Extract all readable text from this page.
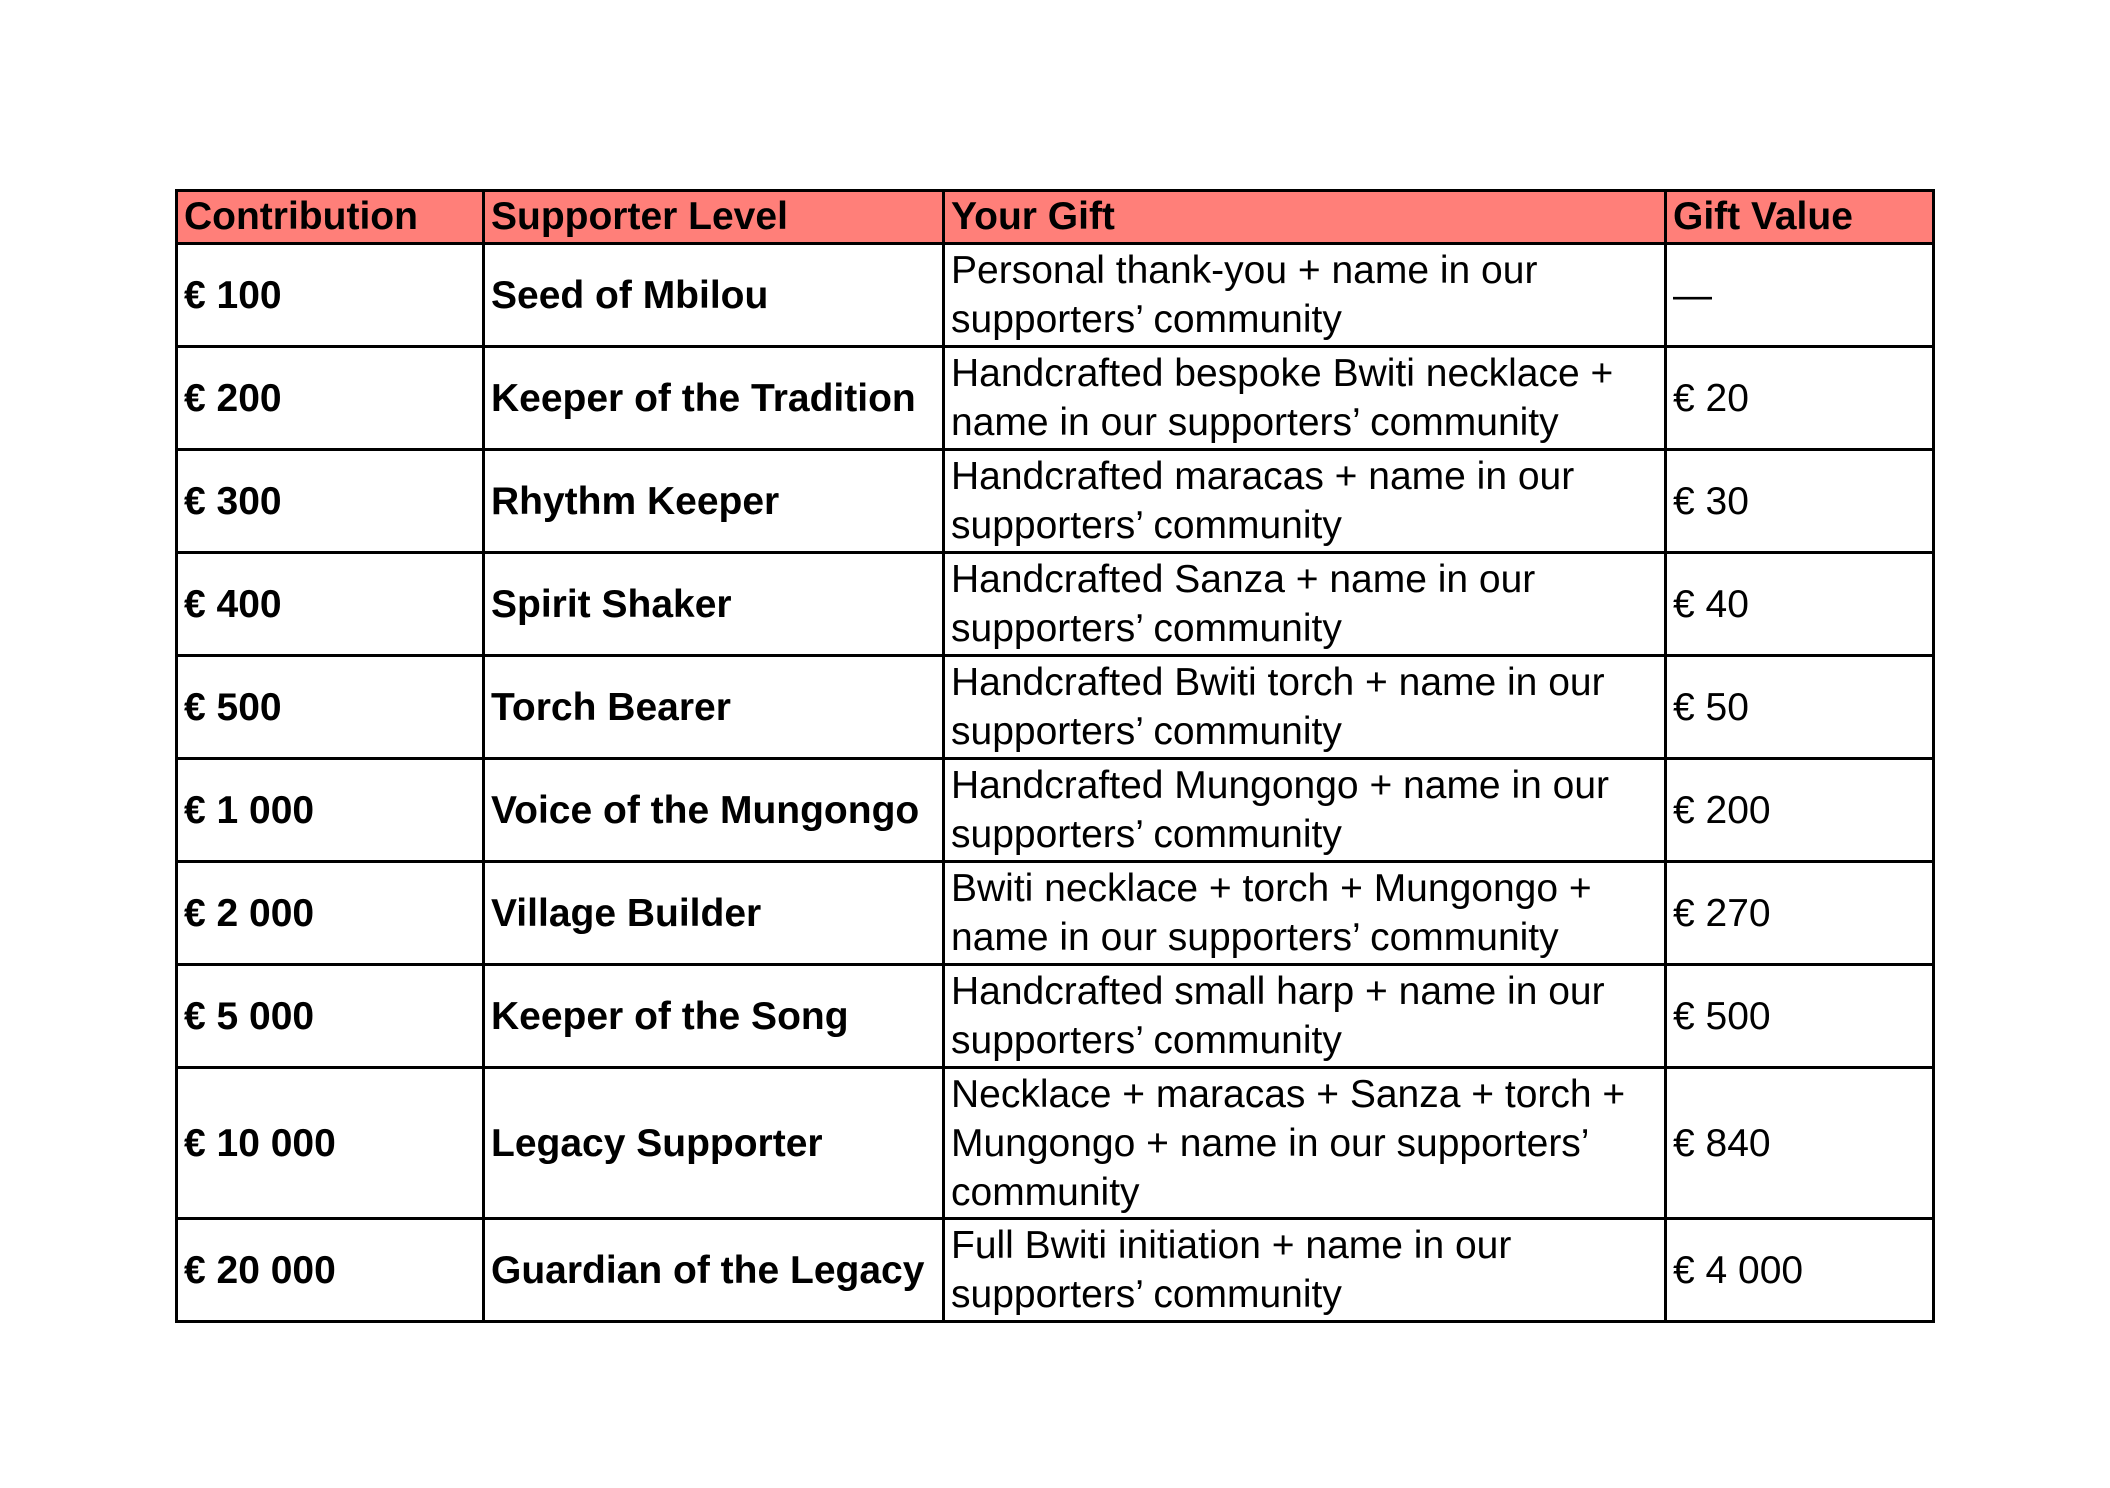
Contribution	Supporter Level	Your Gift	Gift Value
€ 100	Seed of Mbilou	Personal thank-you + name in our supporters’ community	—
€ 200	Keeper of the Tradition	Handcrafted bespoke Bwiti necklace + name in our supporters’ community	€ 20
€ 300	Rhythm Keeper	Handcrafted maracas + name in our supporters’ community	€ 30
€ 400	Spirit Shaker	Handcrafted Sanza + name in our supporters’ community	€ 40
€ 500	Torch Bearer	Handcrafted Bwiti torch + name in our supporters’ community	€ 50
€ 1 000	Voice of the Mungongo	Handcrafted Mungongo + name in our supporters’ community	€ 200
€ 2 000	Village Builder	Bwiti necklace + torch + Mungongo + name in our supporters’ community	€ 270
€ 5 000	Keeper of the Song	Handcrafted small harp + name in our supporters’ community	€ 500
€ 10 000	Legacy Supporter	Necklace + maracas + Sanza + torch + Mungongo + name in our supporters’ community	€ 840
€ 20 000	Guardian of the Legacy	Full Bwiti initiation + name in our supporters’ community	€ 4 000
